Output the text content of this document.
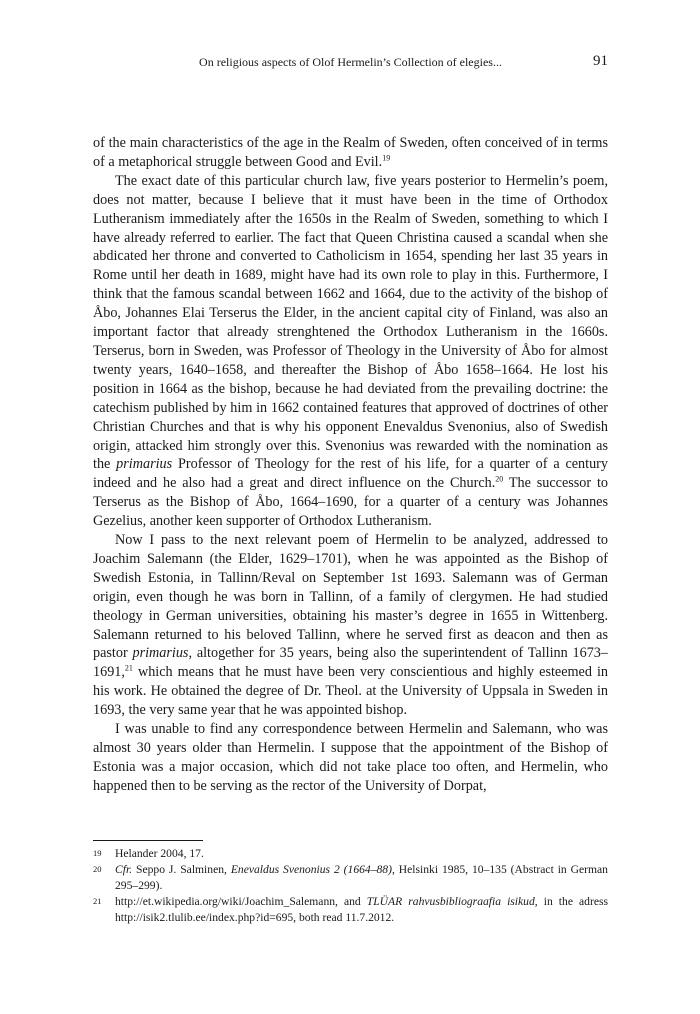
On religious aspects of Olof Hermelin’s Collection of elegies...	91

of the main characteristics of the age in the Realm of Sweden, often conceived of in terms of a metaphorical struggle between Good and Evil.$^{19}$

The exact date of this particular church law, five years posterior to Hermelin’s poem, does not matter, because I believe that it must have been in the time of Orthodox Lutheranism immediately after the 1650s in the Realm of Sweden, something to which I have already referred to earlier. The fact that Queen Christina caused a scandal when she abdicated her throne and converted to Catholicism in 1654, spending her last 35 years in Rome until her death in 1689, might have had its own role to play in this. Furthermore, I think that the famous scandal between 1662 and 1664, due to the activity of the bishop of Åbo, Johannes Elai Terserus the Elder, in the ancient capital city of Finland, was also an important factor that already strenghtened the Orthodox Lutheranism in the 1660s. Terserus, born in Sweden, was Professor of Theology in the University of Åbo for almost twenty years, 1640–1658, and thereafter the Bishop of Åbo 1658–1664. He lost his position in 1664 as the bishop, because he had deviated from the prevailing doctrine: the catechism published by him in 1662 contained features that approved of doctrines of other Christian Churches and that is why his opponent Enevaldus Svenonius, also of Swedish origin, attacked him strongly over this. Svenonius was rewarded with the nomination as the primarius Professor of Theology for the rest of his life, for a quarter of a century indeed and he also had a great and direct influence on the Church.$^{20}$ The successor to Terserus as the Bishop of Åbo, 1664–1690, for a quarter of a century was Johannes Gezelius, another keen supporter of Orthodox Lutheranism.

Now I pass to the next relevant poem of Hermelin to be analyzed, addressed to Joachim Salemann (the Elder, 1629–1701), when he was appointed as the Bishop of Swedish Estonia, in Tallinn/Reval on September 1st 1693. Salemann was of German origin, even though he was born in Tallinn, of a family of clergymen. He had studied theology in German universities, obtaining his master’s degree in 1655 in Wittenberg. Salemann returned to his beloved Tallinn, where he served first as deacon and then as pastor primarius, altogether for 35 years, being also the superintendent of Tallinn 1673–1691,21 which means that he must have been very conscientious and highly esteemed in his work. He obtained the degree of Dr. Theol. at the University of Uppsala in Sweden in 1693, the very same year that he was appointed bishop.

I was unable to find any correspondence between Hermelin and Salemann, who was almost 30 years older than Hermelin. I suppose that the appointment of the Bishop of Estonia was a major occasion, which did not take place too often, and Hermelin, who happened then to be serving as the rector of the University of Dorpat,

19	Helander 2004, 17.
20	Cfr. Seppo J. Salminen, Enevaldus Svenonius 2 (1664–88), Helsinki 1985, 10–135 (Abstract in German 295–299).
21	http://et.wikipedia.org/wiki/Joachim_Salemann, and TLÜAR rahvusbibliograafia isikud, in the adress http://isik2.tlulib.ee/index.php?id=695, both read 11.7.2012.
